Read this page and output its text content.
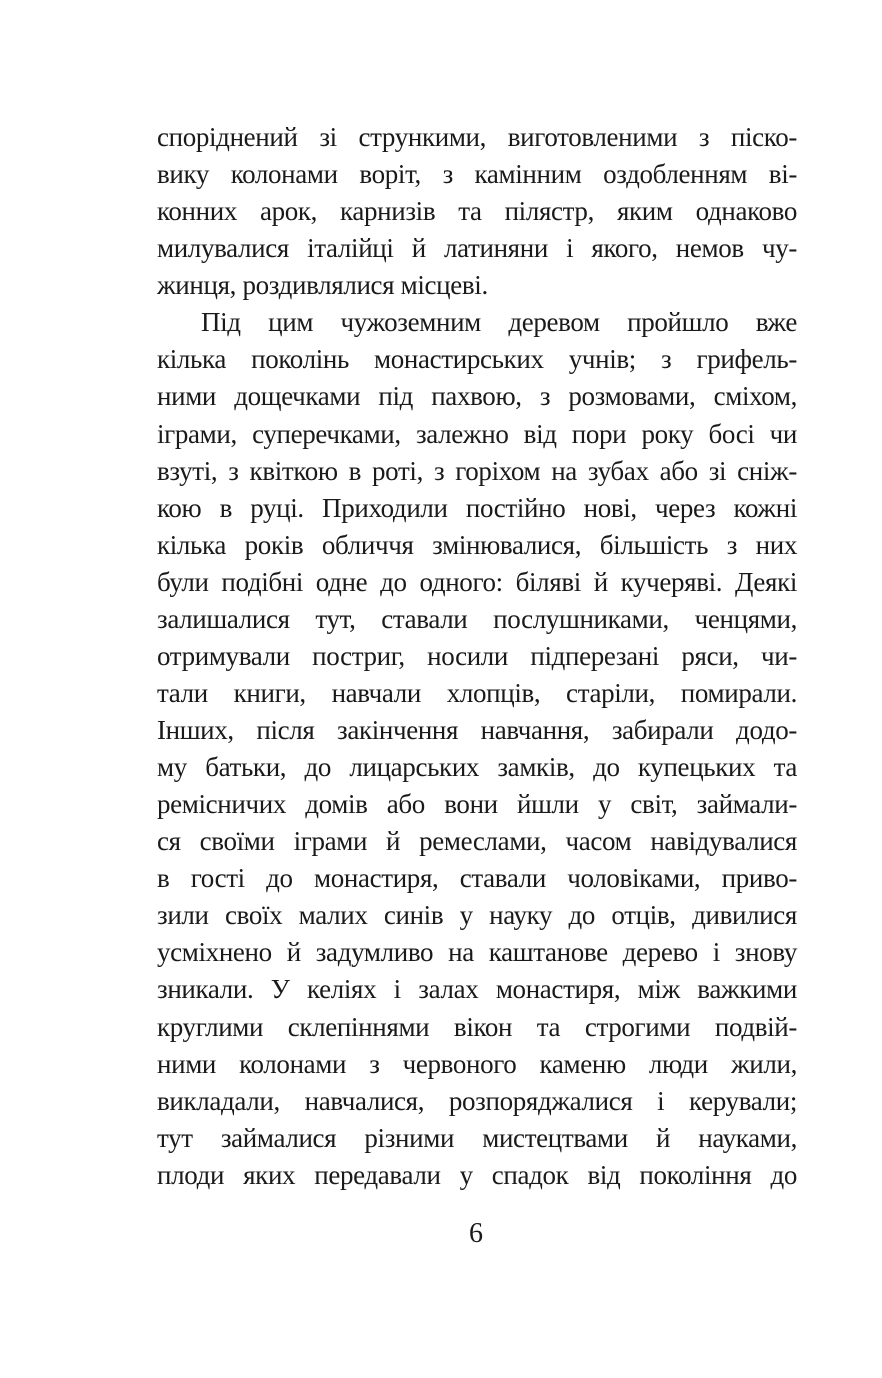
споріднений зі стрункими, виготовленими з піско-
вику колонами воріт, з камінним оздобленням ві-
конних арок, карнизів та пілястр, яким однаково
милувалися італійці й латиняни і якого, немов чу-
жинця, роздивлялися місцеві.
Під цим чужоземним деревом пройшло вже
кілька поколінь монастирських учнів; з грифель-
ними дощечками під пахвою, з розмовами, сміхом,
іграми, суперечками, залежно від пори року босі чи
взуті, з квіткою в роті, з горіхом на зубах або зі сніж-
кою в руці. Приходили постійно нові, через кожні
кілька років обличчя змінювалися, більшість з них
були подібні одне до одного: біляві й кучеряві. Деякі
залишалися тут, ставали послушниками, ченцями,
отримували постриг, носили підперезані ряси, чи-
тали книги, навчали хлопців, старіли, помирали.
Інших, після закінчення навчання, забирали додо-
му батьки, до лицарських замків, до купецьких та
ремісничих домів або вони йшли у світ, займали-
ся своїми іграми й ремеслами, часом навідувалися
в гості до монастиря, ставали чоловіками, приво-
зили своїх малих синів у науку до отців, дивилися
усміхнено й задумливо на каштанове дерево і знову
зникали. У келіях і залах монастиря, між важкими
круглими склепіннями вікон та строгими подвій-
ними колонами з червоного каменю люди жили,
викладали, навчалися, розпоряджалися і керували;
тут займалися різними мистецтвами й науками,
плоди яких передавали у спадок від покоління до
6
